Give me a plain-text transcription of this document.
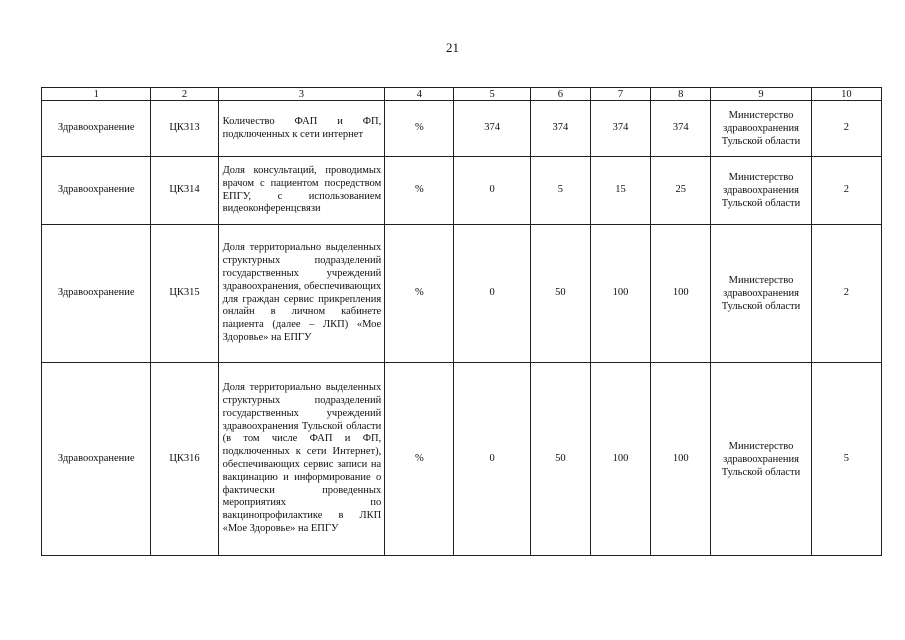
21
1	2	3	4	5	6	7	8	9	10
Здравоохранение	ЦК313	Количество ФАП и ФП, подключенных к сети интернет	%	374	374	374	374	Министерство здравоохранения Тульской области	2
Здравоохранение	ЦК314	Доля консультаций, проводимых врачом с пациентом посредством ЕПГУ, с использованием видеоконференцсвязи	%	0	5	15	25	Министерство здравоохранения Тульской области	2
Здравоохранение	ЦК315	Доля территориально выделенных структурных подразделений государственных учреждений здравоохранения, обеспечивающих для граждан сервис прикрепления онлайн в личном кабинете пациента (далее – ЛКП) «Мое Здоровье» на ЕПГУ	%	0	50	100	100	Министерство здравоохранения Тульской области	2
Здравоохранение	ЦК316	Доля территориально выделенных структурных подразделений государственных учреждений здравоохранения Тульской области (в том числе ФАП и ФП, подключенных к сети Интернет), обеспечивающих сервис записи на вакцинацию и информирование о фактически проведенных мероприятиях по вакцинопрофилактике в ЛКП «Мое Здоровье» на ЕПГУ	%	0	50	100	100	Министерство здравоохранения Тульской области	5
